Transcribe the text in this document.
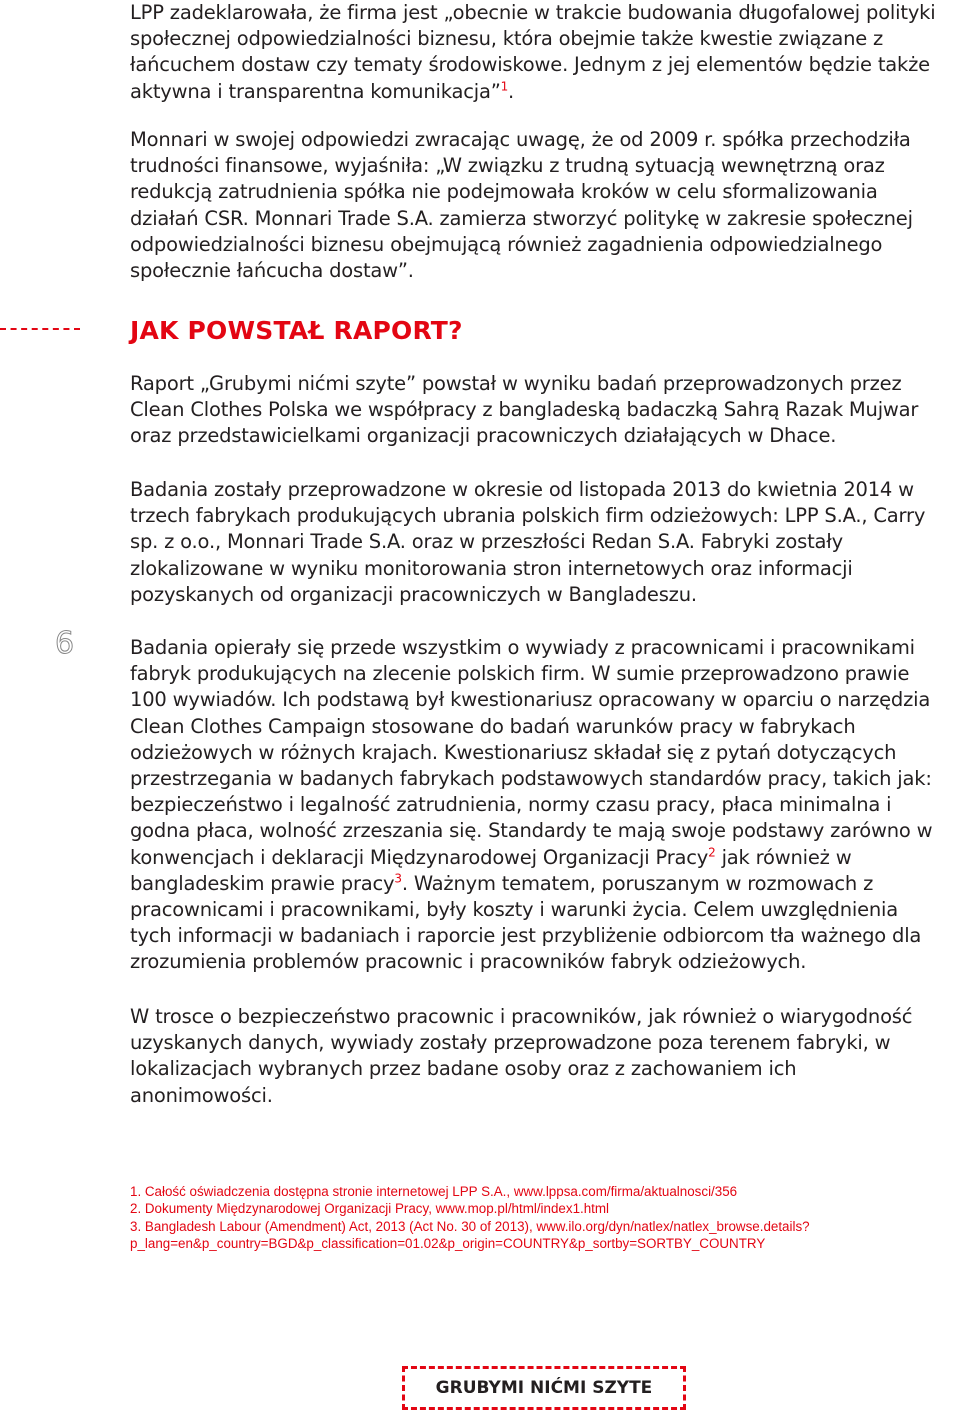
LPP zadeklarowała, że firma jest „obecnie w trakcie budowania długofalowej polityki społecznej odpowiedzialności biznesu, która obejmie także kwestie związane z łańcuchem dostaw czy tematy środowiskowe. Jednym z jej elementów będzie także aktywna i transparentna komunikacja”$^1$.

Monnari w swojej odpowiedzi zwracając uwagę, że od 2009 r. spółka przechodziła trudności finansowe, wyjaśniła: „W związku z trudną sytuacją wewnętrzną oraz redukcją zatrudnienia spółka nie podejmowała kroków w celu sformalizowania działań CSR. Monnari Trade S.A. zamierza stworzyć politykę w zakresie społecznej odpowiedzialności biznesu obejmującą również zagadnienia odpowiedzialnego społecznie łańcucha dostaw”.

JAK POWSTAŁ RAPORT?

Raport „Grubymi nićmi szyte” powstał w wyniku badań przeprowadzonych przez Clean Clothes Polska we współpracy z bangladeską badaczką Sahrą Razak Mujwar oraz przedstawicielkami organizacji pracowniczych działających w Dhace.

Badania zostały przeprowadzone w okresie od listopada 2013 do kwietnia 2014 w trzech fabrykach produkujących ubrania polskich firm odzieżowych: LPP S.A., Carry sp. z o.o., Monnari Trade S.A. oraz w przeszłości Redan S.A. Fabryki zostały zlokalizowane w wyniku monitorowania stron internetowych oraz informacji pozyskanych od organizacji pracowniczych w Bangladeszu.

6	Badania opierały się przede wszystkim o wywiady z pracownicami i pracownikami fabryk produkujących na zlecenie polskich firm. W sumie przeprowadzono prawie 100 wywiadów. Ich podstawą był kwestionariusz opracowany w oparciu o narzędzia Clean Clothes Campaign stosowane do badań warunków pracy w fabrykach odzieżowych w różnych krajach. Kwestionariusz składał się z pytań dotyczących przestrzegania w badanych fabrykach podstawowych standardów pracy, takich jak: bezpieczeństwo i legalność zatrudnienia, normy czasu pracy, płaca minimalna i godna płaca, wolność zrzeszania się. Standardy te mają swoje podstawy zarówno w konwencjach i deklaracji Międzynarodowej Organizacji Pracy$^2$ jak również w bangladeskim prawie pracy$^3$. Ważnym tematem, poruszanym w rozmowach z pracownicami i pracownikami, były koszty i warunki życia. Celem uwzględnienia tych informacji w badaniach i raporcie jest przybliżenie odbiorcom tła ważnego dla zrozumienia problemów pracownic i pracowników fabryk odzieżowych.

W trosce o bezpieczeństwo pracownic i pracowników, jak również o wiarygodność uzyskanych danych, wywiady zostały przeprowadzone poza terenem fabryki, w lokalizacjach wybranych przez badane osoby oraz z zachowaniem ich anonimowości.

1. Całość oświadczenia dostępna stronie internetowej LPP S.A., www.lppsa.com/firma/aktualnosci/356
2. Dokumenty Międzynarodowej Organizacji Pracy, www.mop.pl/html/index1.html
3. Bangladesh Labour (Amendment) Act, 2013 (Act No. 30 of 2013), www.ilo.org/dyn/natlex/natlex_browse.details?p_lang=en&p_country=BGD&p_classification=01.02&p_origin=COUNTRY&p_sortby=SORTBY_COUNTRY
GRUBYMI NIĆMI SZYTE
